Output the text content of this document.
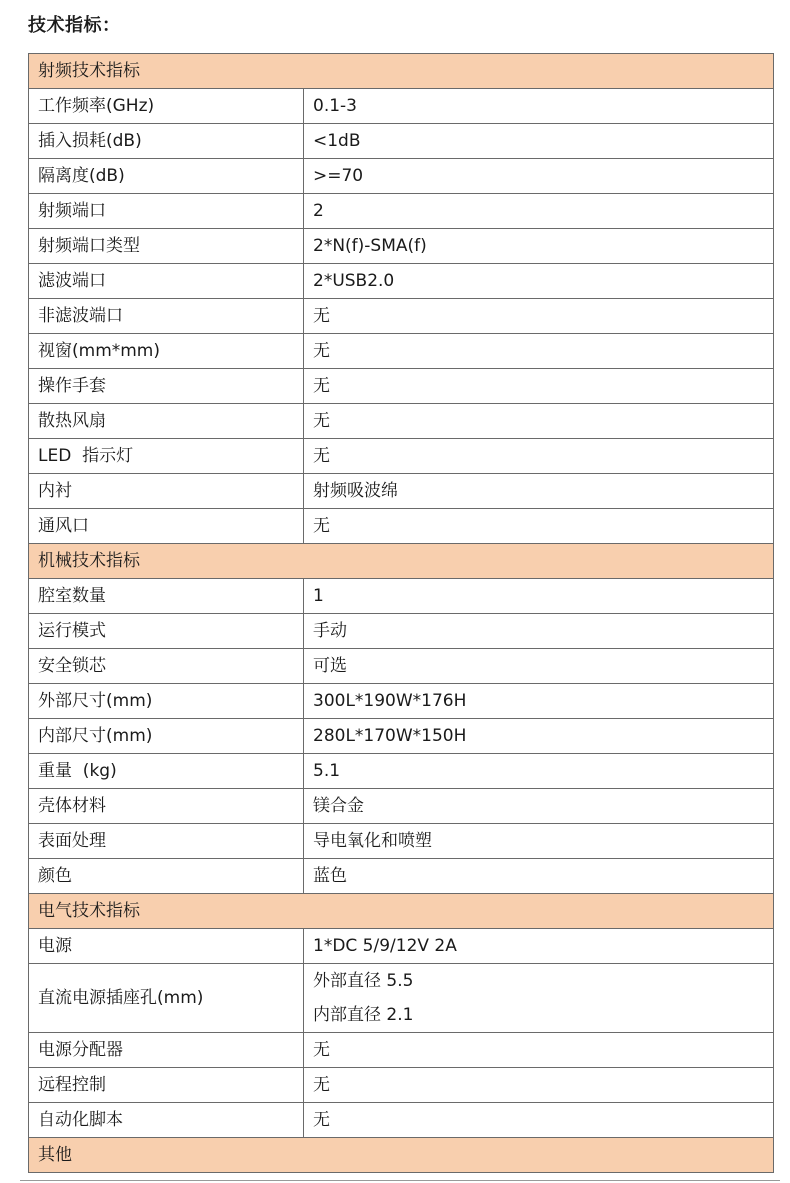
技术指标：
射频技术指标	
工作频率(GHz)	0.1-3
插入损耗(dB)	<1dB
隔离度(dB)	>=70
射频端口	2
射频端口类型	2*N(f)-SMA(f)
滤波端口	2*USB2.0
非滤波端口	无
视窗(mm*mm)	无
操作手套	无
散热风扇	无
LED  指示灯	无
内衬	射频吸波绵
通风口	无
机械技术指标	
腔室数量	1
运行模式	手动
安全锁芯	可选
外部尺寸(mm)	300L*190W*176H
内部尺寸(mm)	280L*170W*150H
重量  (kg)	5.1
壳体材料	镁合金
表面处理	导电氧化和喷塑
颜色	蓝色
电气技术指标	
电源	1*DC 5/9/12V 2A
直流电源插座孔(mm)	外部直径 5.5
内部直径 2.1

电源分配器	无
远程控制	无
自动化脚本	无
其他	
